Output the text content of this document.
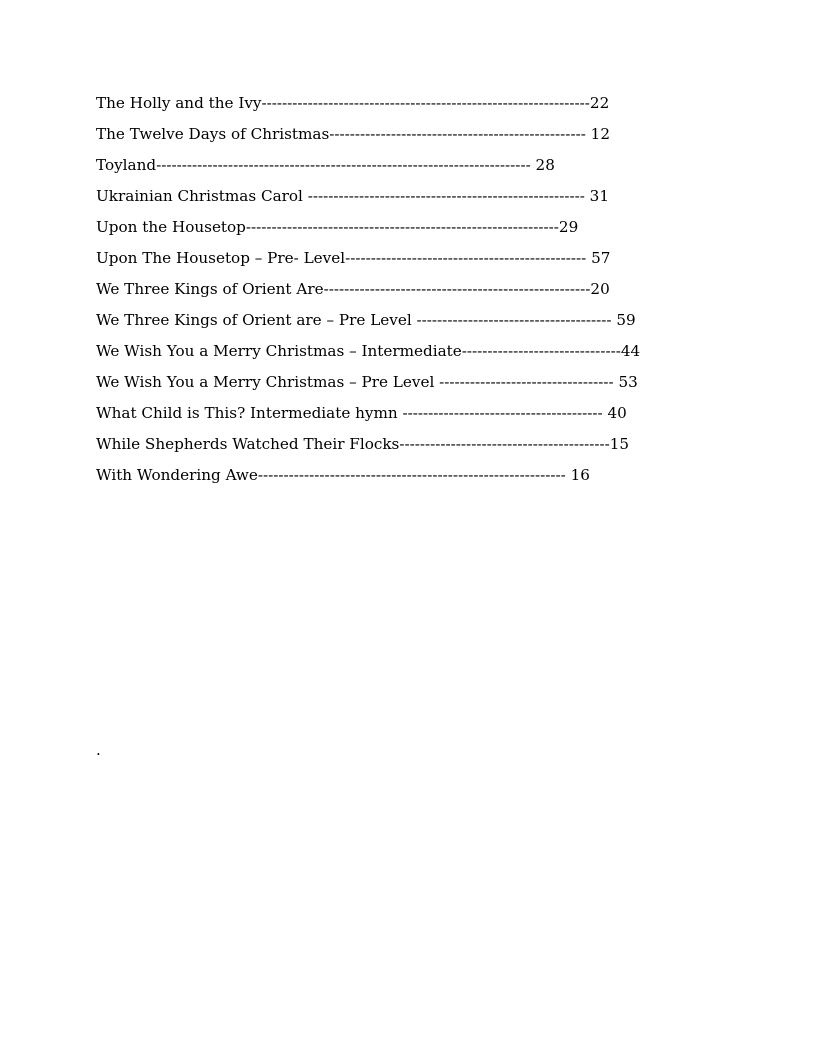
The Holly and the Ivy----------------------------------------------------------------22
The Twelve Days of Christmas-------------------------------------------------- 12
Toyland------------------------------------------------------------------------- 28
Ukrainian Christmas Carol ------------------------------------------------------ 31
Upon the Housetop-------------------------------------------------------------29
Upon The Housetop – Pre- Level----------------------------------------------- 57
We Three Kings of Orient Are----------------------------------------------------20
We Three Kings of Orient are – Pre Level -------------------------------------- 59
We Wish You a Merry Christmas – Intermediate-------------------------------44
We Wish You a Merry Christmas – Pre Level ---------------------------------- 53
What Child is This? Intermediate hymn --------------------------------------- 40
While Shepherds Watched Their Flocks-----------------------------------------15
With Wondering Awe------------------------------------------------------------ 16
.
